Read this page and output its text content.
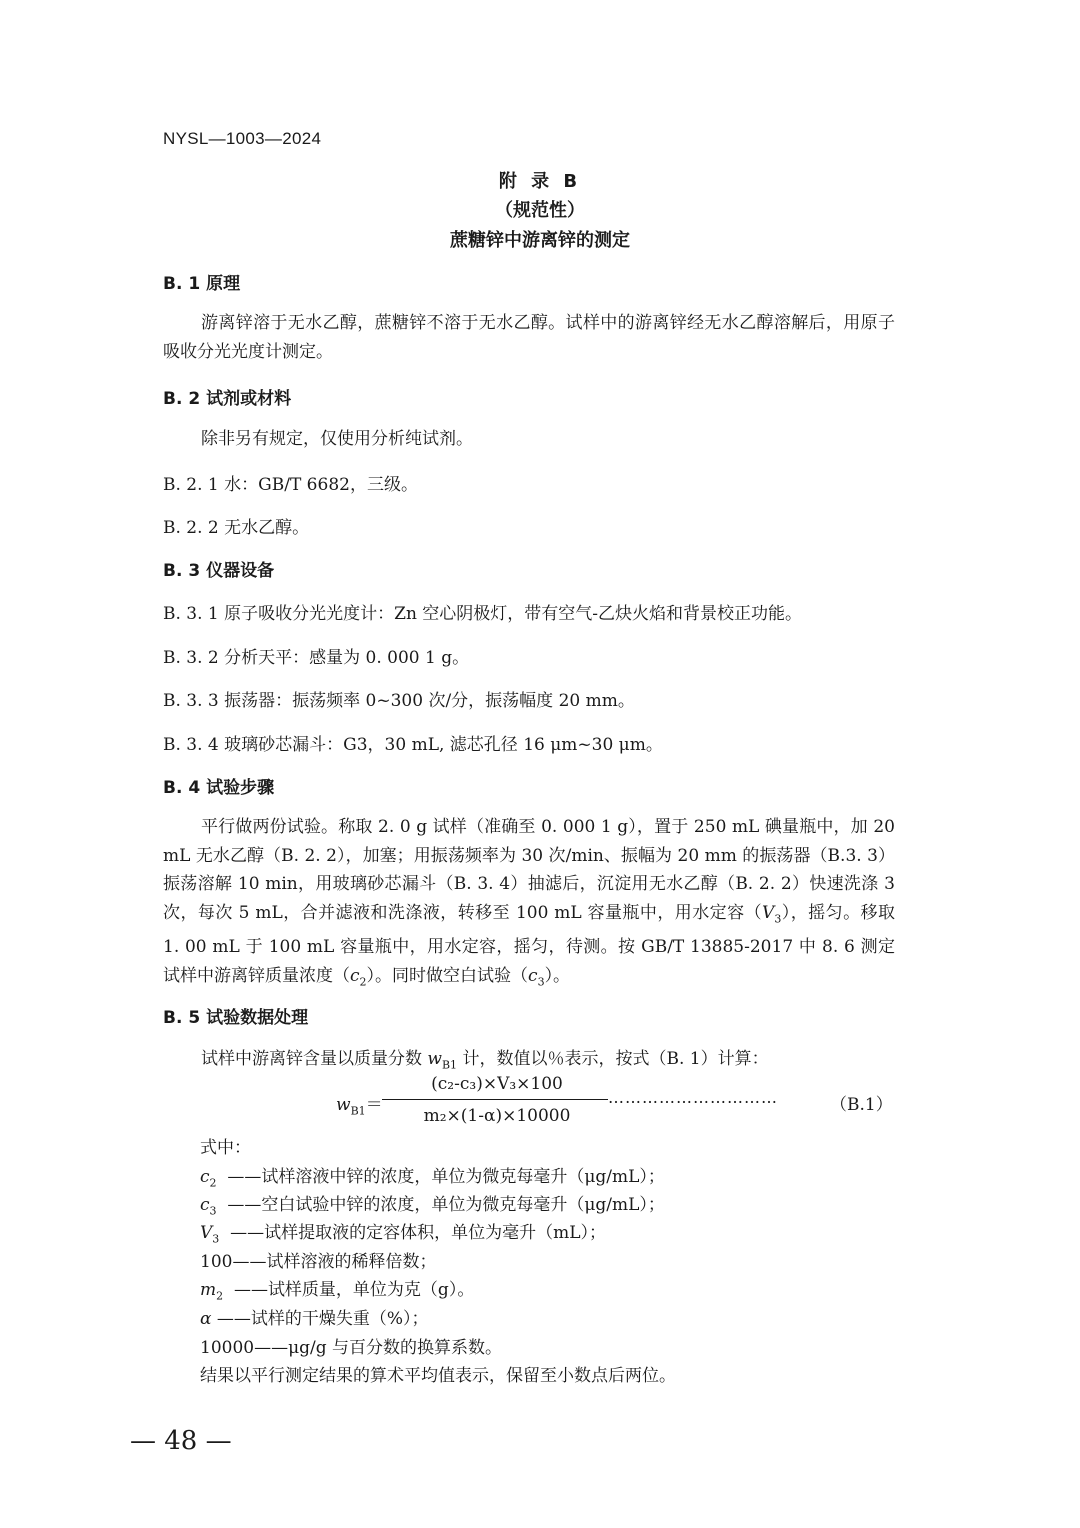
NYSL—1003—2024
附 录 B
（规范性）
蔗糖锌中游离锌的测定
B. 1 原理

游离锌溶于无水乙醇，蔗糖锌不溶于无水乙醇。试样中的游离锌经无水乙醇溶解后，用原子吸收分光光度计测定。

B. 2 试剂或材料

除非另有规定，仅使用分析纯试剂。

B. 2. 1 水：GB/T 6682，三级。
B. 2. 2 无水乙醇。
B. 3 仪器设备
B. 3. 1 原子吸收分光光度计：Zn 空心阴极灯，带有空气-乙炔火焰和背景校正功能。
B. 3. 2 分析天平：感量为 0. 000 1 g。
B. 3. 3 振荡器：振荡频率 0~300 次/分，振荡幅度 20 mm。
B. 3. 4 玻璃砂芯漏斗：G3，30 mL, 滤芯孔径 16 μm~30 μm。
B. 4 试验步骤

平行做两份试验。称取 2. 0 g 试样（准确至 0. 000 1 g），置于 250 mL 碘量瓶中，加 20 mL 无水乙醇（B. 2. 2），加塞；用振荡频率为 30 次/min、振幅为 20 mm 的振荡器（B.3. 3）振荡溶解 10 min，用玻璃砂芯漏斗（B. 3. 4）抽滤后，沉淀用无水乙醇（B. 2. 2）快速洗涤 3 次，每次 5 mL，合并滤液和洗涤液，转移至 100 mL 容量瓶中，用水定容$(V_3)$，摇匀。移取 1. 00 mL 于 100 mL 容量瓶中，用水定容，摇匀，待测。按 GB/T 13885-2017 中 8. 6 测定试样中游离锌质量浓度$(c_2)$。同时做空白试验$(c_3)$。

B. 5 试验数据处理
试样中游离锌含量以质量分数 $w_{B1}$ 计，数值以％表示，按式（B. 1）计算：
$w_{B1}=$
(c₂-c₃)×V₃×100
m₂×(1-α)×10000
…………………………	（B.1）
式中：
$c_2$ ——试样溶液中锌的浓度，单位为微克每毫升（μg/mL）；
$c_3$ ——空白试验中锌的浓度，单位为微克每毫升（μg/mL）；
$V_3$ ——试样提取液的定容体积，单位为毫升（mL）；
100——试样溶液的稀释倍数；
$m_2$ ——试样质量，单位为克（g）。
α ——试样的干燥失重（%）；
10000——μg/g 与百分数的换算系数。
结果以平行测定结果的算术平均值表示，保留至小数点后两位。
— 48 —
